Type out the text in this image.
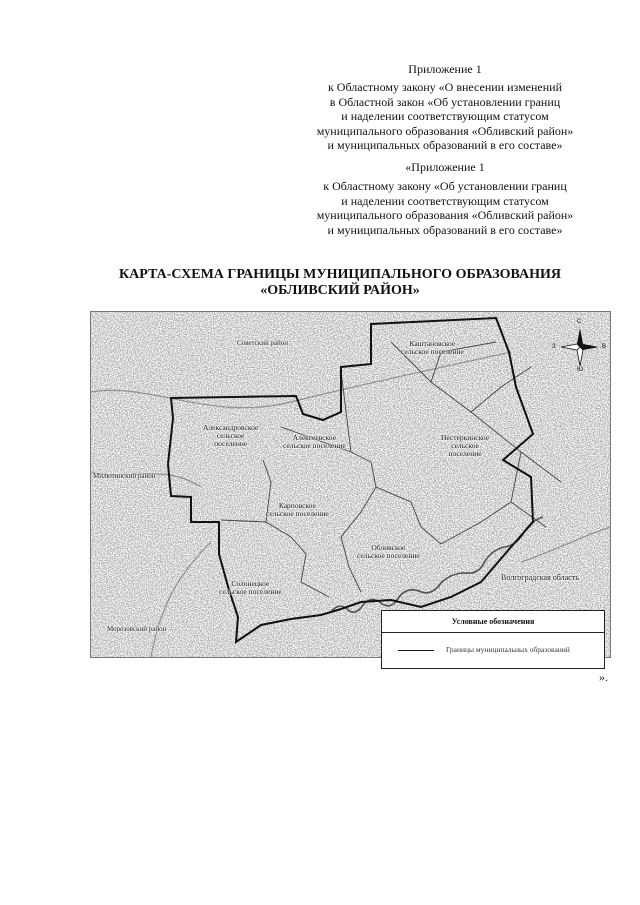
Приложение 1
к Областному закону «О внесении изменений
в Областной закон «Об установлении границ
и наделении соответствующим статусом
муниципального образования «Обливский район»
и муниципальных образований в его составе»
«Приложение 1
к Областному закону «Об установлении границ
и наделении соответствующим статусом
муниципального образования «Обливский район»
и муниципальных образований в его составе»
КАРТА-СХЕМА ГРАНИЦЫ МУНИЦИПАЛЬНОГО ОБРАЗОВАНИЯ
«ОБЛИВСКИЙ РАЙОН»
Советский район
Милютинский район
Морозовский район
Волгоградская область
Каштановское
сельское поселение
Александровское
сельское
поселение
Алексеевское
сельское поселение
Нестеркинское
сельское
поселение
Карповское
сельское поселение
Обливское
сельское поселение
Солонецкое
сельское поселение
С
Ю
З	В
Условные обозначения
Границы муниципальных образований
».
